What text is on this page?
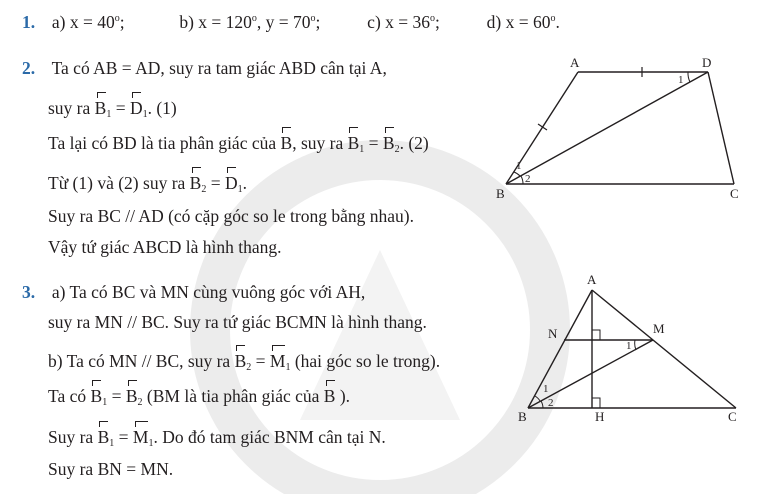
1. a) $x = 40^o$;	b) $x = 120^o$, $y = 70^o$;	c) $x = 36^o$;	d) $x = 60^o$.
2. Ta có AB = AD, suy ra tam giác ABD cân tại A,
suy ra $B_1 = D_1$. (1)
Ta lại có BD là tia phân giác của B, suy ra $B_1 = B_2$. (2)
Từ (1) và (2) suy ra $B_2 = D_1$.
Suy ra BC // AD (có cặp góc so le trong bằng nhau).
Vậy tứ giác ABCD là hình thang.
A	D
B	C
1
1
2
3. a) Ta có BC và MN cùng vuông góc với AH,
suy ra MN // BC. Suy ra tứ giác BCMN là hình thang.
b) Ta có MN // BC, suy ra $B_2 = M_1$ (hai góc so le trong).
Ta có $B_1 = B_2$ (BM là tia phân giác của B ).
Suy ra $B_1 = M_1$. Do đó tam giác BNM cân tại N.
Suy ra BN = MN.
A
N	M
B	H	C
1
1
2
